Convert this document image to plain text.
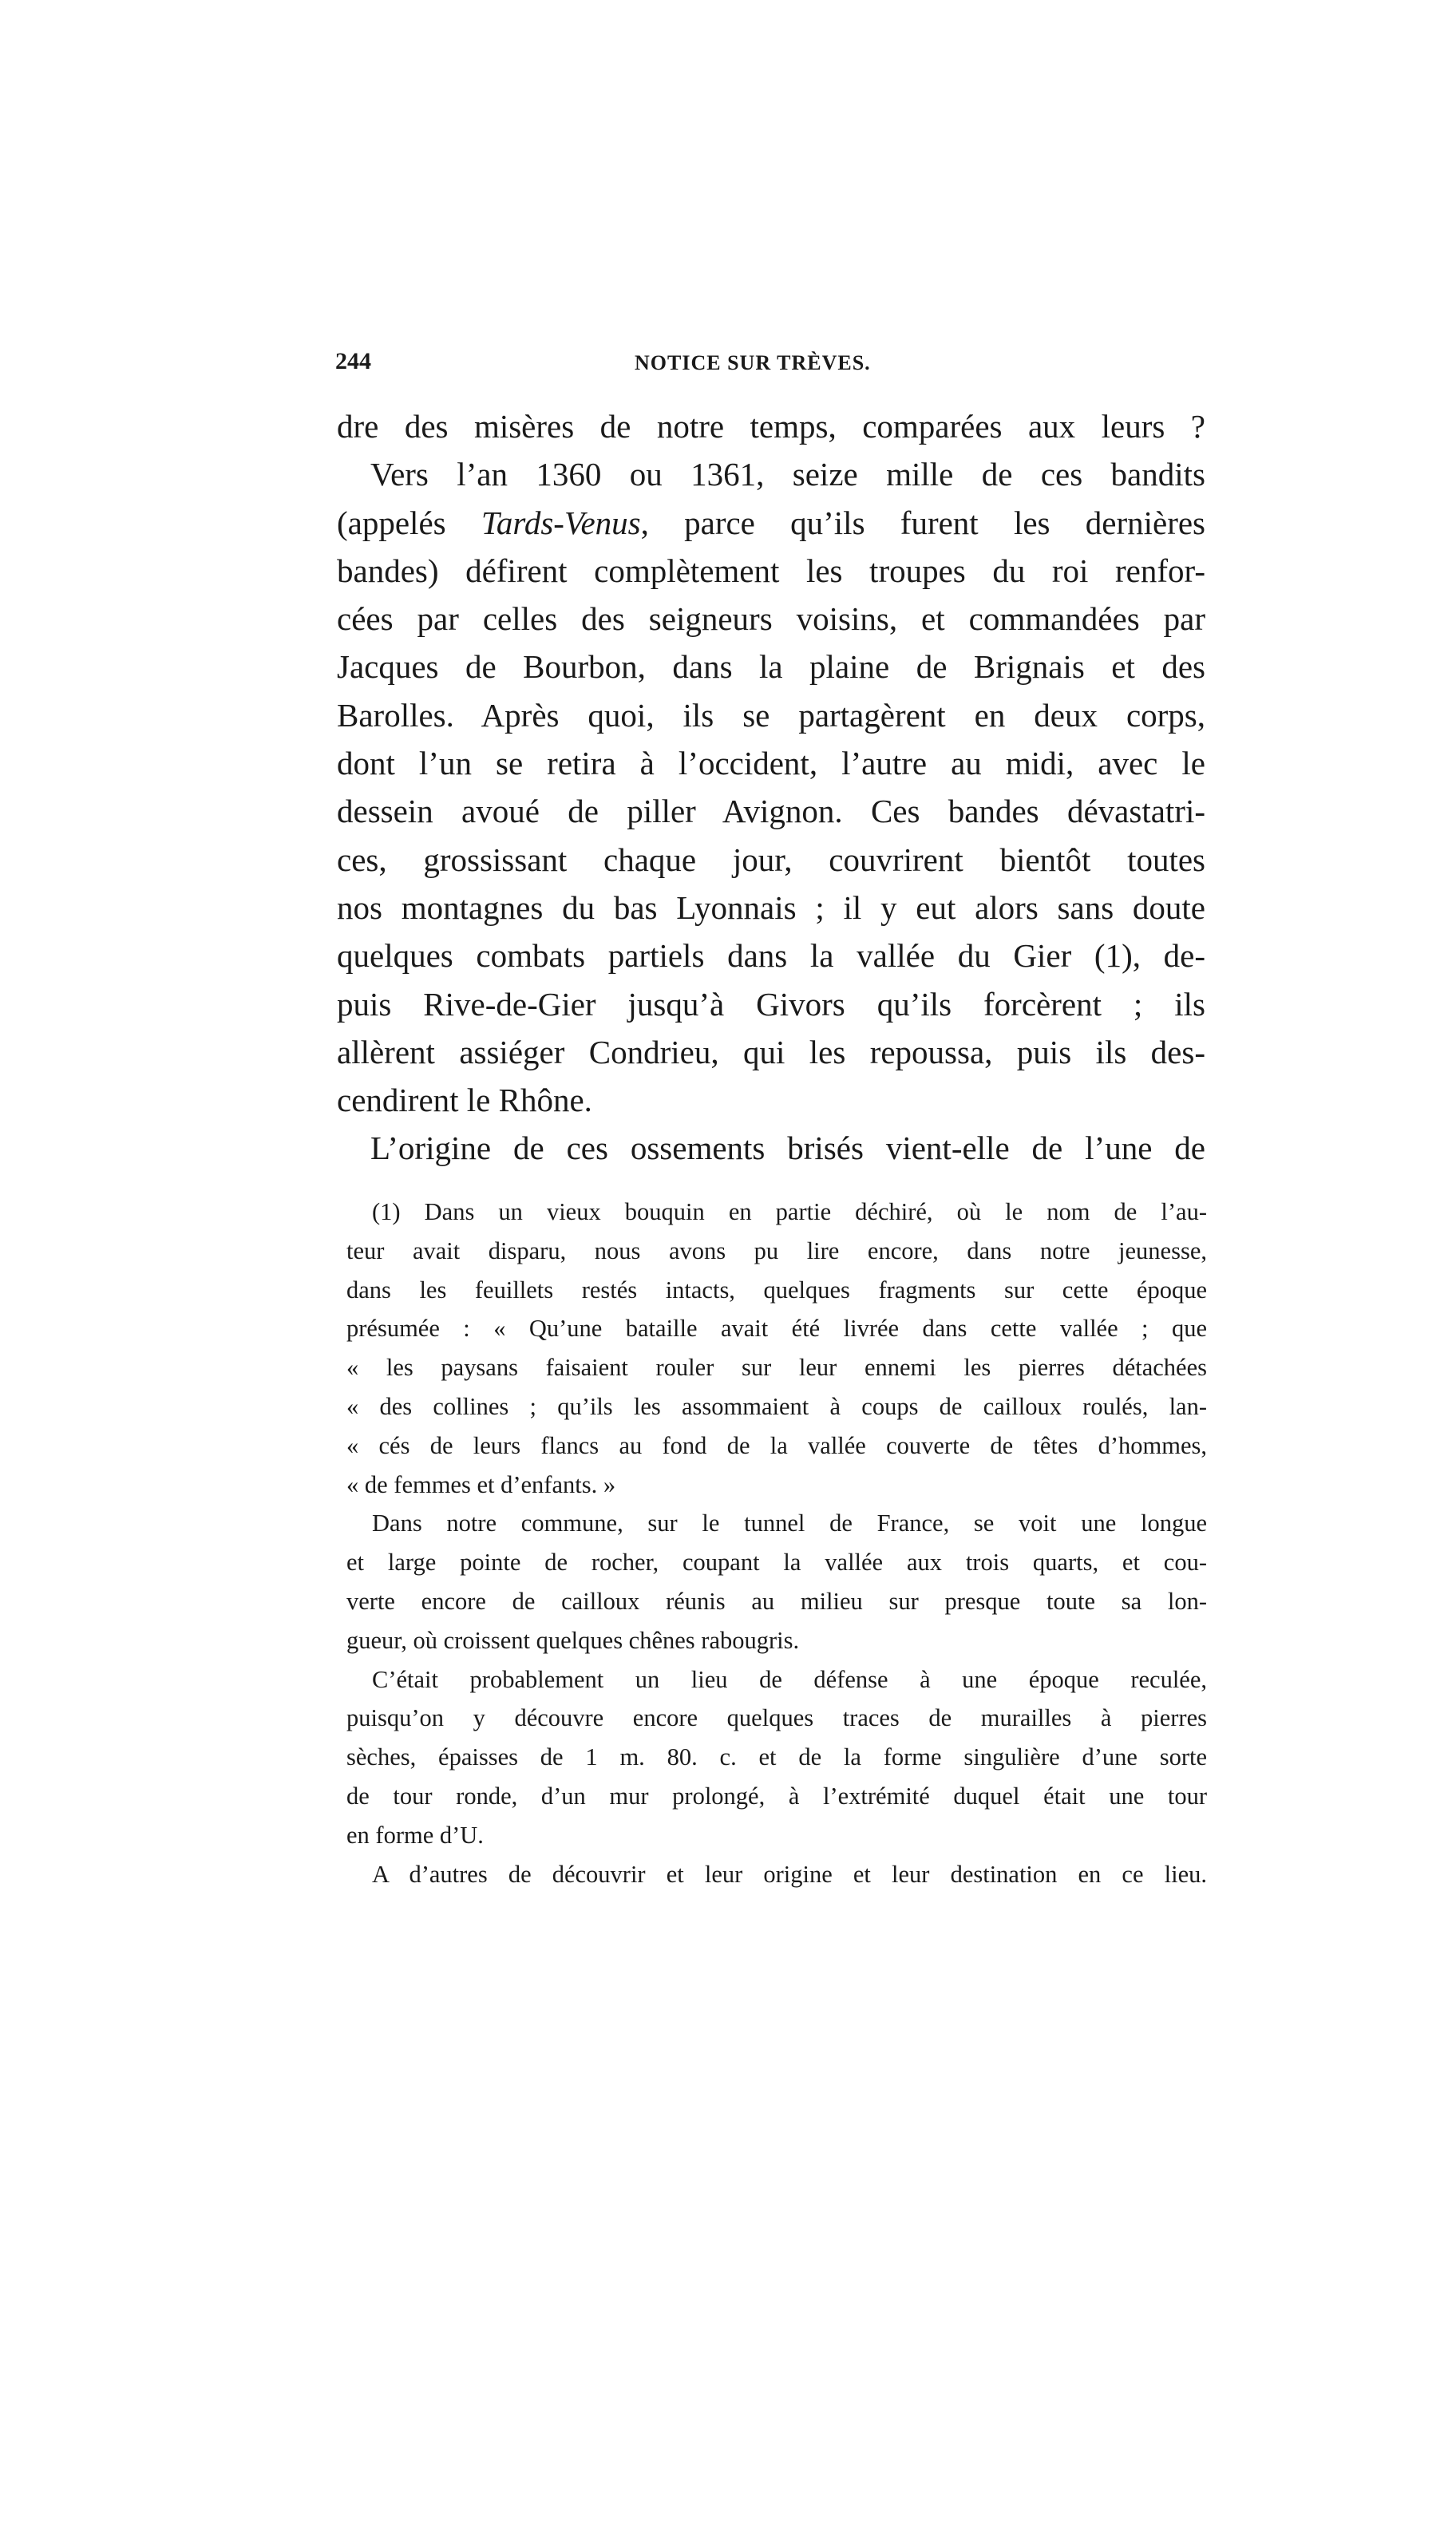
244	NOTICE SUR TRÈVES.
dre des misères de notre temps, comparées aux leurs ?
Vers l’an 1360 ou 1361, seize mille de ces bandits
(appelés Tards-Venus, parce qu’ils furent les dernières
bandes) défirent complètement les troupes du roi renfor-
cées par celles des seigneurs voisins, et commandées par
Jacques de Bourbon, dans la plaine de Brignais et des
Barolles. Après quoi, ils se partagèrent en deux corps,
dont l’un se retira à l’occident, l’autre au midi, avec le
dessein avoué de piller Avignon. Ces bandes dévastatri-
ces, grossissant chaque jour, couvrirent bientôt toutes
nos montagnes du bas Lyonnais ; il y eut alors sans doute
quelques combats partiels dans la vallée du Gier (1), de-
puis Rive-de-Gier jusqu’à Givors qu’ils forcèrent ; ils
allèrent assiéger Condrieu, qui les repoussa, puis ils des-
cendirent le Rhône.
L’origine de ces ossements brisés vient-elle de l’une de
(1) Dans un vieux bouquin en partie déchiré, où le nom de l’au-
teur avait disparu, nous avons pu lire encore, dans notre jeunesse,
dans les feuillets restés intacts, quelques fragments sur cette époque
présumée : « Qu’une bataille avait été livrée dans cette vallée ; que
« les paysans faisaient rouler sur leur ennemi les pierres détachées
« des collines ; qu’ils les assommaient à coups de cailloux roulés, lan-
« cés de leurs flancs au fond de la vallée couverte de têtes d’hommes,
« de femmes et d’enfants. »
Dans notre commune, sur le tunnel de France, se voit une longue
et large pointe de rocher, coupant la vallée aux trois quarts, et cou-
verte encore de cailloux réunis au milieu sur presque toute sa lon-
gueur, où croissent quelques chênes rabougris.
C’était probablement un lieu de défense à une époque reculée,
puisqu’on y découvre encore quelques traces de murailles à pierres
sèches, épaisses de 1 m. 80. c. et de la forme singulière d’une sorte
de tour ronde, d’un mur prolongé, à l’extrémité duquel était une tour
en forme d’U.
A d’autres de découvrir et leur origine et leur destination en ce lieu.
